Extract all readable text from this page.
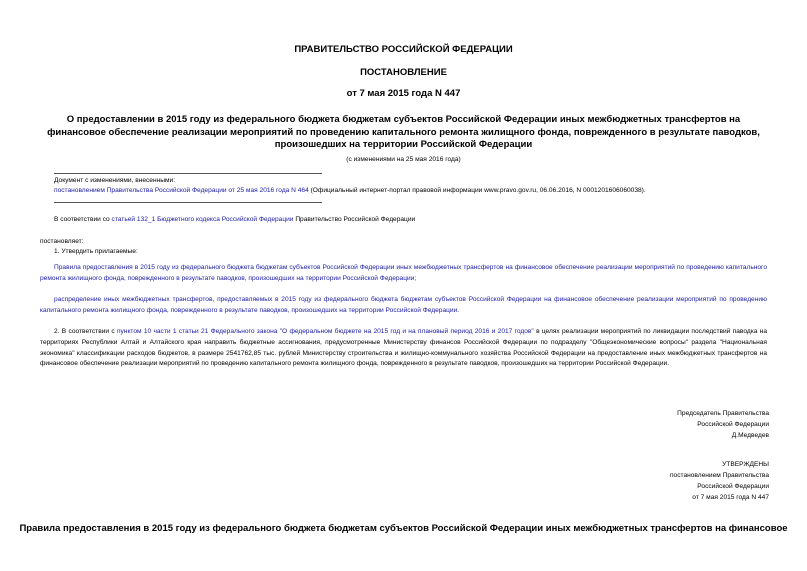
ПРАВИТЕЛЬСТВО РОССИЙСКОЙ ФЕДЕРАЦИИ
ПОСТАНОВЛЕНИЕ
от 7 мая 2015 года N 447
О предоставлении в 2015 году из федерального бюджета бюджетам субъектов Российской Федерации иных межбюджетных трансфертов на финансовое обеспечение реализации мероприятий по проведению капитального ремонта жилищного фонда, поврежденного в результате паводков, произошедших на территории Российской Федерации
(с изменениями на 25 мая 2016 года)
Документ с изменениями, внесенными:
постановлением Правительства Российской Федерации от 25 мая 2016 года N 464 (Официальный интернет-портал правовой информации www.pravo.gov.ru, 06.06.2016, N 0001201606060038).
В соответствии со статьей 132_1 Бюджетного кодекса Российской Федерации Правительство Российской Федерации
постановляет:
1. Утвердить прилагаемые:
Правила предоставления в 2015 году из федерального бюджета бюджетам субъектов Российской Федерации иных межбюджетных трансфертов на финансовое обеспечение реализации мероприятий по проведению капитального ремонта жилищного фонда, поврежденного в результате паводков, произошедших на территории Российской Федерации;
распределение иных межбюджетных трансфертов, предоставляемых в 2015 году из федерального бюджета бюджетам субъектов Российской Федерации на финансовое обеспечение реализации мероприятий по проведению капитального ремонта жилищного фонда, поврежденного в результате паводков, произошедших на территории Российской Федерации.
2. В соответствии с пунктом 10 части 1 статьи 21 Федерального закона "О федеральном бюджете на 2015 год и на плановый период 2016 и 2017 годов" в целях реализации мероприятий по ликвидации последствий паводка на территориях Республики Алтай и Алтайского края направить бюджетные ассигнования, предусмотренные Министерству финансов Российской Федерации по подразделу "Общеэкономические вопросы" раздела "Национальная экономика" классификации расходов бюджетов, в размере 2541762,85 тыс. рублей Министерству строительства и жилищно-коммунального хозяйства Российской Федерации на предоставление иных межбюджетных трансфертов на финансовое обеспечение реализации мероприятий по проведению капитального ремонта жилищного фонда, поврежденного в результате паводков, произошедших на территории Российской Федерации.
Председатель Правительства
Российской Федерации
Д.Медведев
УТВЕРЖДЕНЫ
постановлением Правительства
Российской Федерации
от 7 мая 2015 года N 447
Правила предоставления в 2015 году из федерального бюджета бюджетам субъектов Российской Федерации иных межбюджетных трансфертов на финансовое
